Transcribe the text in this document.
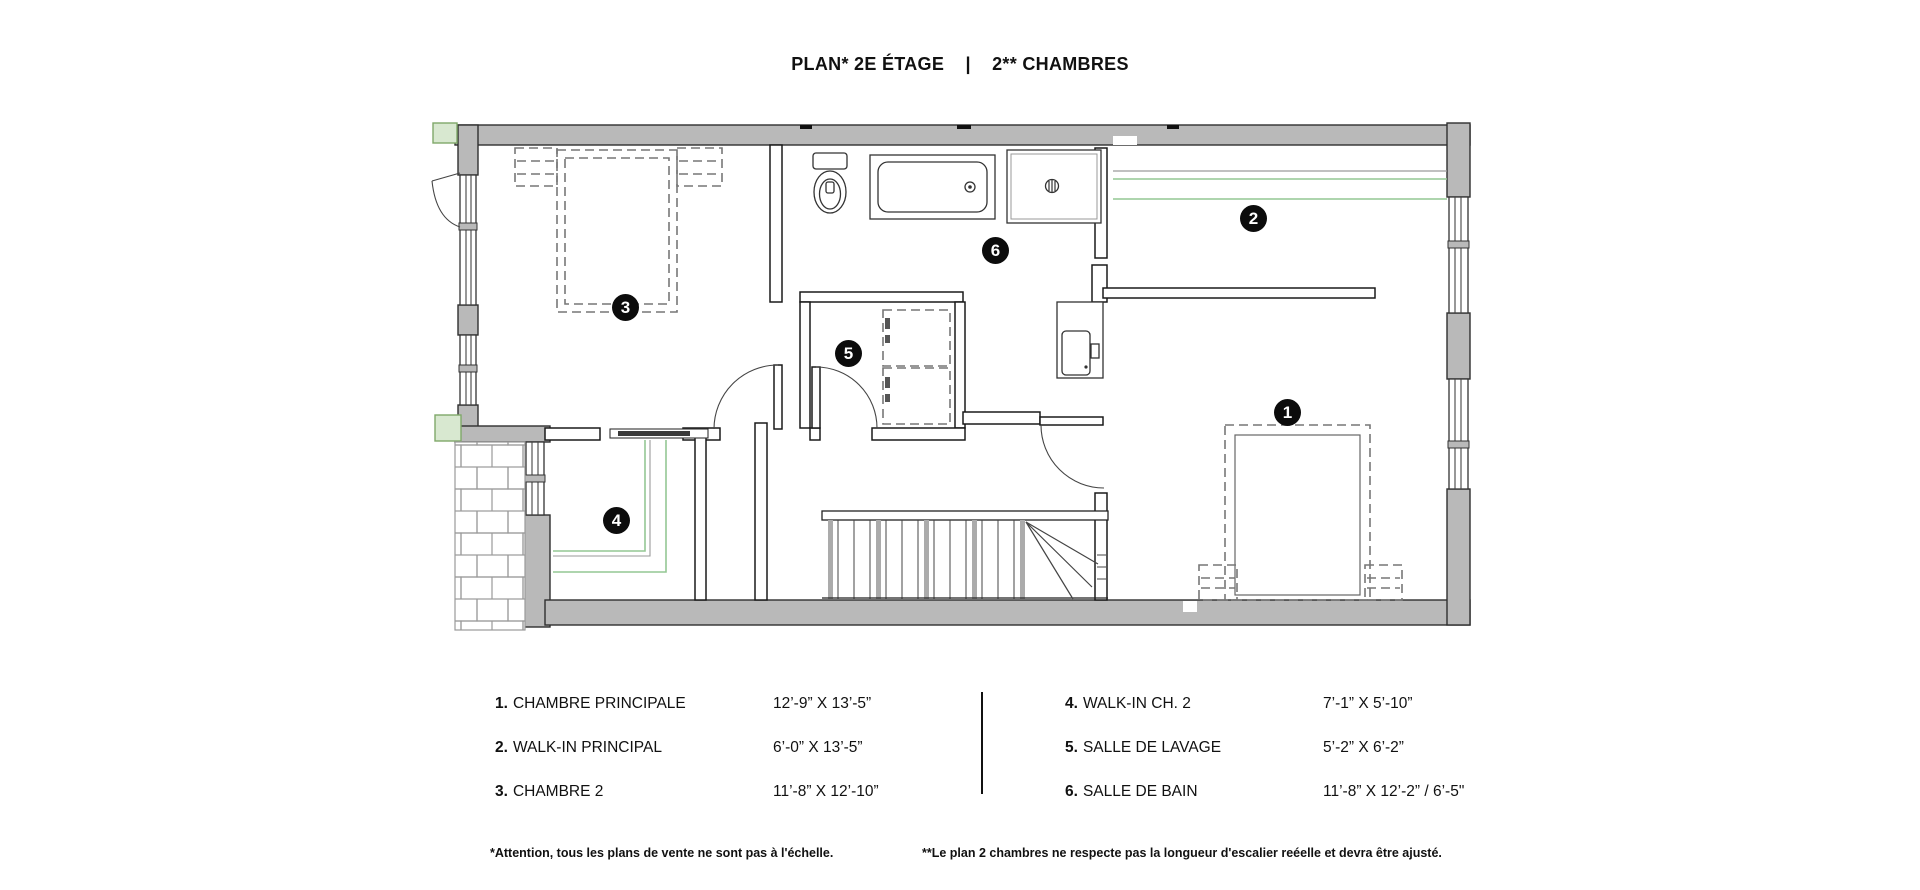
PLAN* 2E ÉTAGE | 2** CHAMBRES
1
2
3
4
5
6
1. CHAMBRE PRINCIPALE	12’-9” X 13’-5”
2. WALK-IN PRINCIPAL	6’-0” X 13’-5”
3. CHAMBRE 2	11’-8” X 12’-10”
4. WALK-IN CH. 2	7’-1” X 5’-10”
5. SALLE DE LAVAGE	5’-2” X 6’-2”
6. SALLE DE BAIN	11’-8” X 12’-2” / 6’-5"
*Attention, tous les plans de vente ne sont pas à l'échelle.	**Le plan 2 chambres ne respecte pas la longueur d'escalier reéelle et devra être ajusté.
